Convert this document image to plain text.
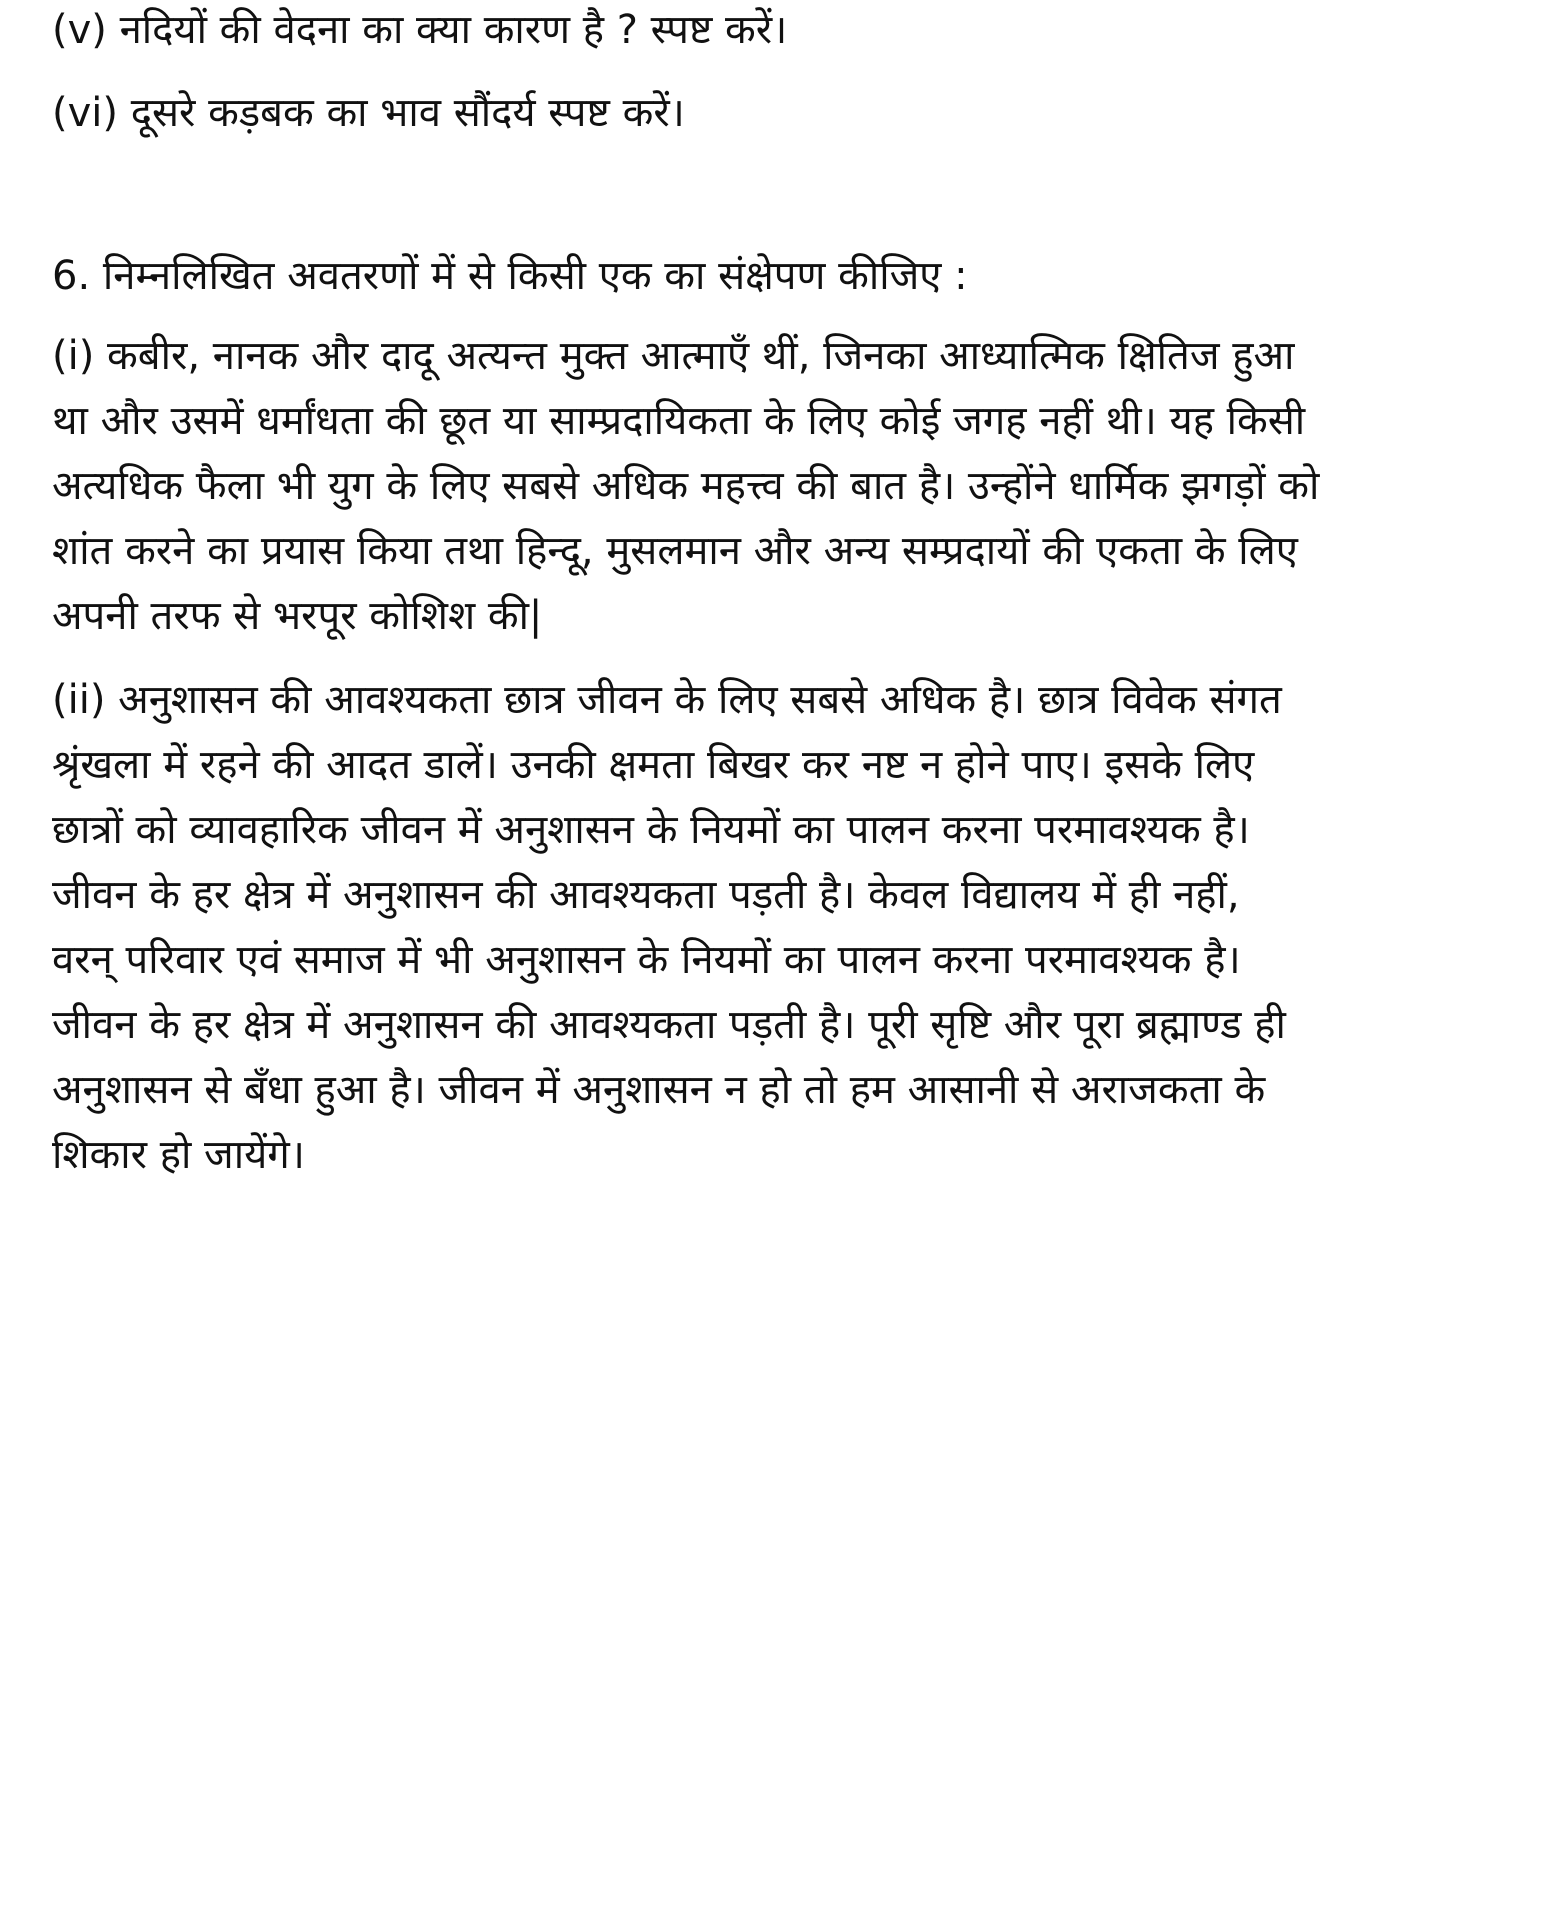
(v) नदियों की वेदना का क्या कारण है ? स्पष्ट करें।

(vi) दूसरे कड़बक का भाव सौंदर्य स्पष्ट करें।

6. निम्नलिखित अवतरणों में से किसी एक का संक्षेपण कीजिए :

(i) कबीर, नानक और दादू अत्यन्त मुक्त आत्माएँ थीं, जिनका आध्यात्मिक क्षितिज हुआ

था और उसमें धर्मांधता की छूत या साम्प्रदायिकता के लिए कोई जगह नहीं थी। यह किसी

अत्यधिक फैला भी युग के लिए सबसे अधिक महत्त्व की बात है। उन्होंने धार्मिक झगड़ों को

शांत करने का प्रयास किया तथा हिन्दू, मुसलमान और अन्य सम्प्रदायों की एकता के लिए

अपनी तरफ से भरपूर कोशिश की|

(ii) अनुशासन की आवश्यकता छात्र जीवन के लिए सबसे अधिक है। छात्र विवेक संगत

श्रृंखला में रहने की आदत डालें। उनकी क्षमता बिखर कर नष्ट न होने पाए। इसके लिए

छात्रों को व्यावहारिक जीवन में अनुशासन के नियमों का पालन करना परमावश्यक है।

जीवन के हर क्षेत्र में अनुशासन की आवश्यकता पड़ती है। केवल विद्यालय में ही नहीं,

वरन् परिवार एवं समाज में भी अनुशासन के नियमों का पालन करना परमावश्यक है।

जीवन के हर क्षेत्र में अनुशासन की आवश्यकता पड़ती है। पूरी सृष्टि और पूरा ब्रह्माण्ड ही

अनुशासन से बँधा हुआ है। जीवन में अनुशासन न हो तो हम आसानी से अराजकता के

शिकार हो जायेंगे।
